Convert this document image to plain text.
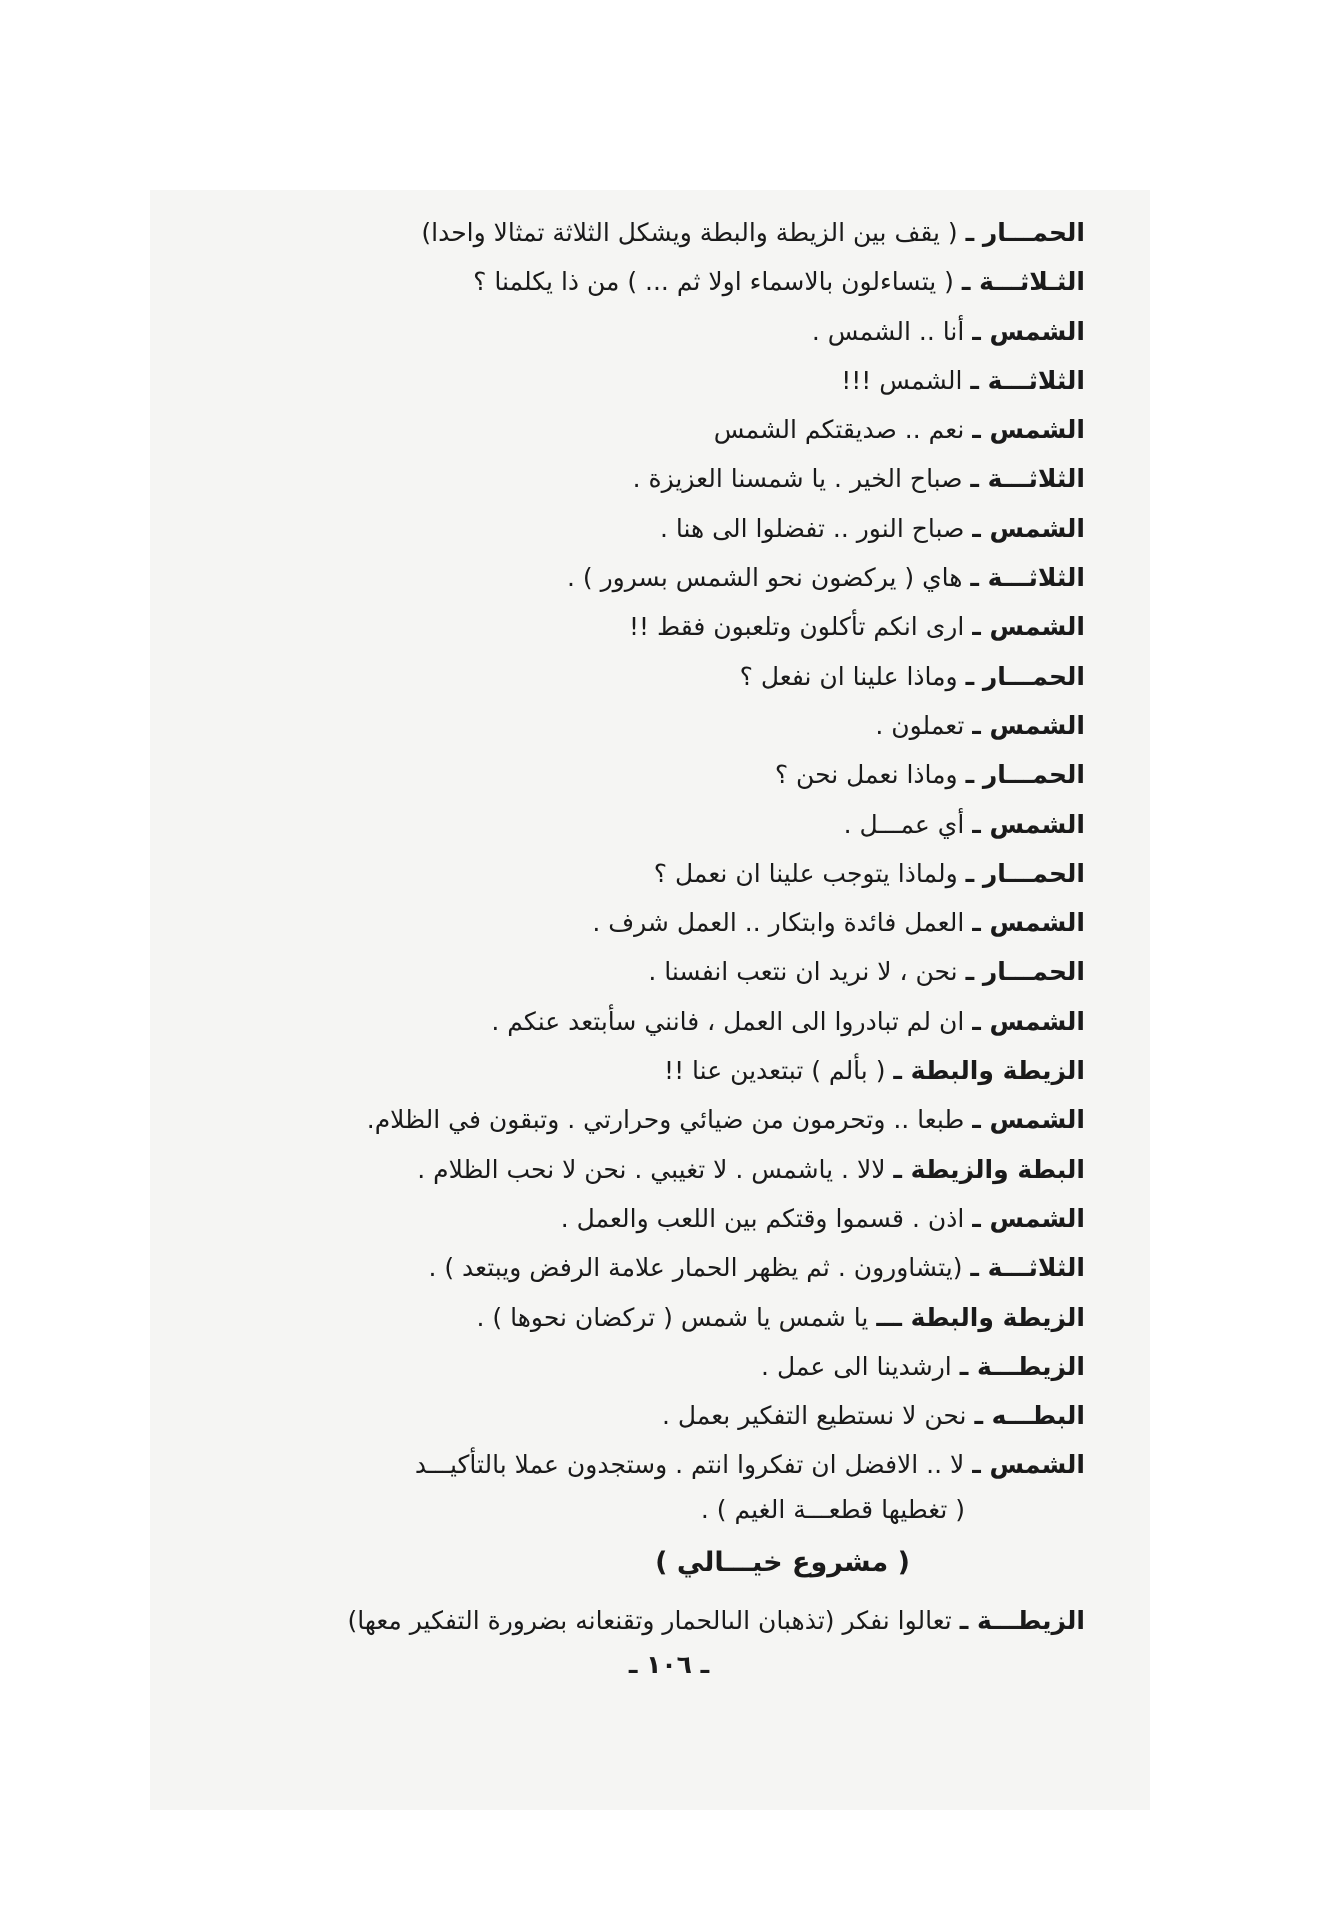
الحمـــار ـ ( يقف بين الزيطة والبطة ويشكل الثلاثة تمثالا واحدا)
الثـلاثـــة ـ ( يتساءلون بالاسماء اولا ثم ... ) من ذا يكلمنا ؟
الشمس ـ أنا .. الشمس .
الثلاثـــة ـ الشمس !!!
الشمس ـ نعم .. صديقتكم الشمس
الثلاثـــة ـ صباح الخير . يا شمسنا العزيزة .
الشمس ـ صباح النور .. تفضلوا الى هنا .
الثلاثـــة ـ هاي ( يركضون نحو الشمس بسرور ) .
الشمس ـ ارى انكم تأكلون وتلعبون فقط !!
الحمـــار ـ وماذا علينا ان نفعل ؟
الشمس ـ تعملون .
الحمـــار ـ وماذا نعمل نحن ؟
الشمس ـ أي عمـــل .
الحمـــار ـ ولماذا يتوجب علينا ان نعمل ؟
الشمس ـ العمل فائدة وابتكار .. العمل شرف .
الحمـــار ـ نحن ، لا نريد ان نتعب انفسنا .
الشمس ـ ان لم تبادروا الى العمل ، فانني سأبتعد عنكم .
الزيطة والبطة ـ ( بألم ) تبتعدين عنا !!
الشمس ـ طبعا .. وتحرمون من ضيائي وحرارتي . وتبقون في الظلام.
البطة والزيطة ـ لالا . ياشمس . لا تغيبي . نحن لا نحب الظلام .
الشمس ـ اذن . قسموا وقتكم بين اللعب والعمل .
الثلاثـــة ـ (يتشاورون . ثم يظهر الحمار علامة الرفض ويبتعد ) .
الزيطة والبطة ـــ يا شمس يا شمس ( تركضان نحوها ) .
الزيطـــة ـ ارشدينا الى عمل .
البطـــه ـ نحن لا نستطيع التفكير بعمل .
الشمس ـ لا .. الافضل ان تفكروا انتم . وستجدون عملا بالتأكيـــد
( تغطيها قطعـــة الغيم ) .
( مشروع خيـــالي )
الزيطـــة ـ تعالوا نفكر (تذهبان الىالحمار وتقنعانه بضرورة التفكير معها)
ـ ١٠٦ ـ
